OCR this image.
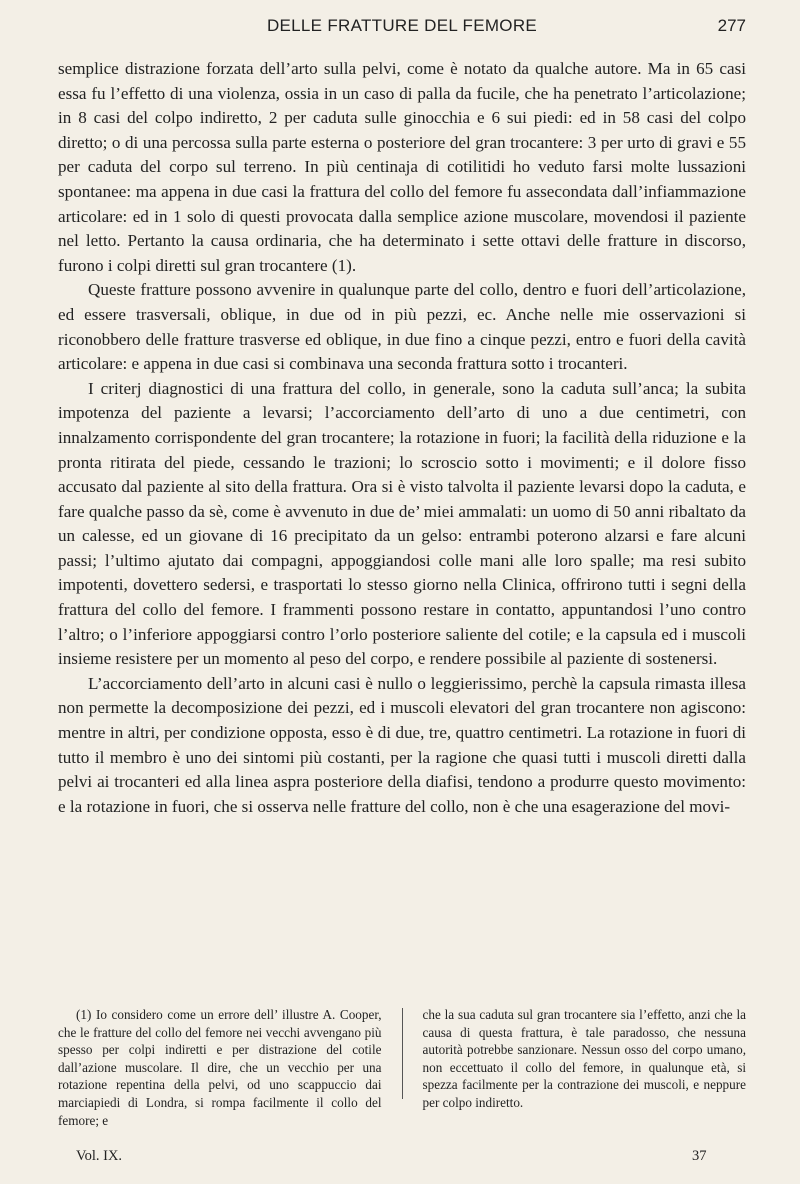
DELLE FRATTURE DEL FEMORE	277

semplice distrazione forzata dell’arto sulla pelvi, come è notato da qualche autore. Ma in 65 casi essa fu l’effetto di una violenza, ossia in un caso di palla da fucile, che ha penetrato l’articolazione; in 8 casi del colpo indiretto, 2 per caduta sulle ginocchia e 6 sui piedi: ed in 58 casi del colpo diretto; o di una percossa sulla parte esterna o posteriore del gran trocantere: 3 per urto di gravi e 55 per caduta del corpo sul terreno. In più centinaja di cotilitidi ho veduto farsi molte lussazioni spontanee: ma appena in due casi la frattura del collo del femore fu assecondata dall’infiammazione articolare: ed in 1 solo di questi provocata dalla semplice azione muscolare, movendosi il paziente nel letto. Pertanto la causa ordinaria, che ha determinato i sette ottavi delle fratture in discorso, furono i colpi diretti sul gran trocantere (1).

Queste fratture possono avvenire in qualunque parte del collo, dentro e fuori dell’articolazione, ed essere trasversali, oblique, in due od in più pezzi, ec. Anche nelle mie osservazioni si riconobbero delle fratture trasverse ed oblique, in due fino a cinque pezzi, entro e fuori della cavità articolare: e appena in due casi si combinava una seconda frattura sotto i trocanteri.

I criterj diagnostici di una frattura del collo, in generale, sono la caduta sull’anca; la subita impotenza del paziente a levarsi; l’accorciamento dell’arto di uno a due centimetri, con innalzamento corrispondente del gran trocantere; la rotazione in fuori; la facilità della riduzione e la pronta ritirata del piede, cessando le trazioni; lo scroscio sotto i movimenti; e il dolore fisso accusato dal paziente al sito della frattura. Ora si è visto talvolta il paziente levarsi dopo la caduta, e fare qualche passo da sè, come è avvenuto in due de’ miei ammalati: un uomo di 50 anni ribaltato da un calesse, ed un giovane di 16 precipitato da un gelso: entrambi poterono alzarsi e fare alcuni passi; l’ultimo ajutato dai compagni, appoggiandosi colle mani alle loro spalle; ma resi subito impotenti, dovettero sedersi, e trasportati lo stesso giorno nella Clinica, offrirono tutti i segni della frattura del collo del femore. I frammenti possono restare in contatto, appuntandosi l’uno contro l’altro; o l’inferiore appoggiarsi contro l’orlo posteriore saliente del cotile; e la capsula ed i muscoli insieme resistere per un momento al peso del corpo, e rendere possibile al paziente di sostenersi.

L’accorciamento dell’arto in alcuni casi è nullo o leggierissimo, perchè la capsula rimasta illesa non permette la decomposizione dei pezzi, ed i muscoli elevatori del gran trocantere non agiscono: mentre in altri, per condizione opposta, esso è di due, tre, quattro centimetri. La rotazione in fuori di tutto il membro è uno dei sintomi più costanti, per la ragione che quasi tutti i muscoli diretti dalla pelvi ai trocanteri ed alla linea aspra posteriore della diafisi, tendono a produrre questo movimento: e la rotazione in fuori, che si osserva nelle fratture del collo, non è che una esagerazione del movi-

(1) Io considero come un errore dell’ illustre A. Cooper, che le fratture del collo del femore nei vecchi avvengano più spesso per colpi indiretti e per distrazione del cotile dall’azione muscolare. Il dire, che un vecchio per una rotazione repentina della pelvi, od uno scappuccio dai marciapiedi di Londra, si rompa facilmente il collo del femore; e

che la sua caduta sul gran trocantere sia l’effetto, anzi che la causa di questa frattura, è tale paradosso, che nessuna autorità potrebbe sanzionare. Nessun osso del corpo umano, non eccettuato il collo del femore, in qualunque età, si spezza facilmente per la contrazione dei muscoli, e neppure per colpo indiretto.

Vol. IX.	37
